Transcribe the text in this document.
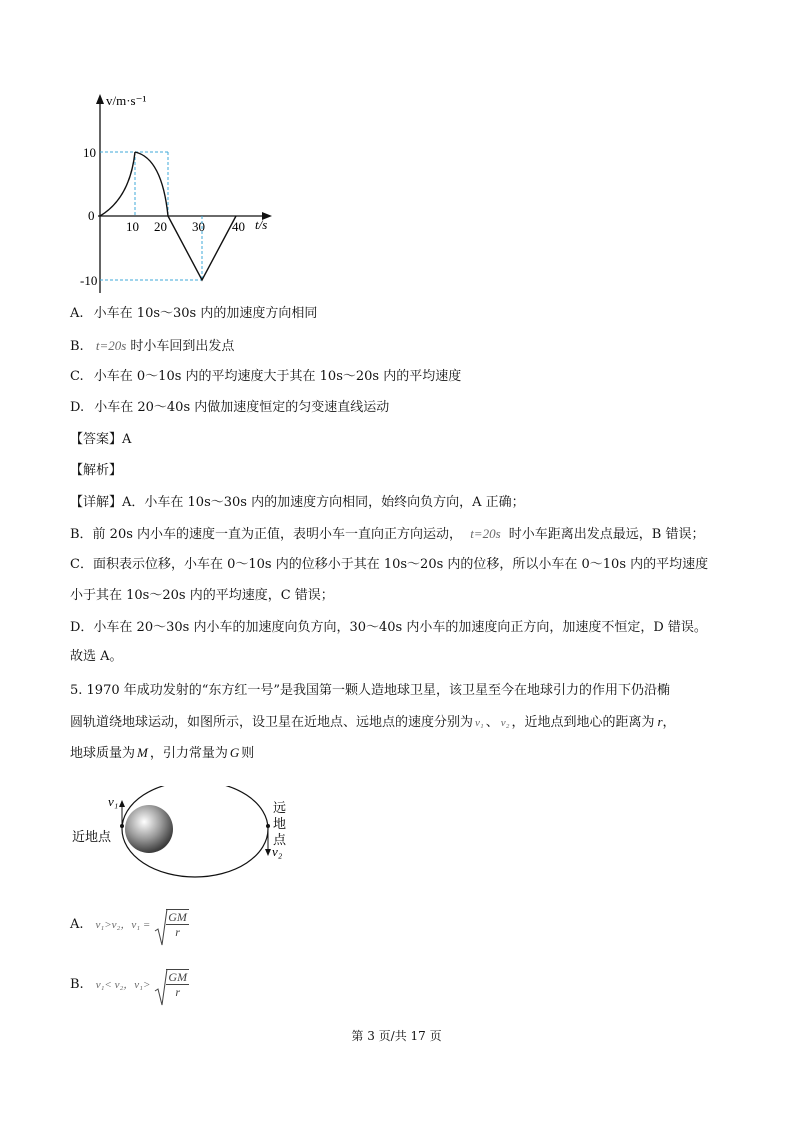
v/m·s⁻¹
t/s
10
0
-10
10 20 30 40
A. 小车在 10s～30s 内的加速度方向相同
B. t=20s 时小车回到出发点
C. 小车在 0～10s 内的平均速度大于其在 10s～20s 内的平均速度
D. 小车在 20～40s 内做加速度恒定的匀变速直线运动
【答案】A
【解析】
【详解】A．小车在 10s～30s 内的加速度方向相同，始终向负方向，A 正确；
B．前 20s 内小车的速度一直为正值，表明小车一直向正方向运动， t=20s 时小车距离出发点最远，B 错误；
C．面积表示位移，小车在 0～10s 内的位移小于其在 10s～20s 内的位移，所以小车在 0～10s 内的平均速度
小于其在 10s～20s 内的平均速度，C 错误；
D．小车在 20～30s 内小车的加速度向负方向，30～40s 内小车的加速度向正方向，加速度不恒定，D 错误。
故选 A。
5. 1970 年成功发射的“东方红一号”是我国第一颗人造地球卫星，该卫星至今在地球引力的作用下仍沿椭
圆轨道绕地球运动，如图所示，设卫星在近地点、远地点的速度分别为 v₁ 、 v₂ ，近地点到地心的距离为 r，
地球质量为 M ，引力常量为 G 则
v₁
v₂
近地点
远
地
点
A. v₁>v₂，$v_1 = \frac{GM}{r}$
B. v₁< v₂，$v_1> \frac{GM}{r}$
第 3 页/共 17 页
